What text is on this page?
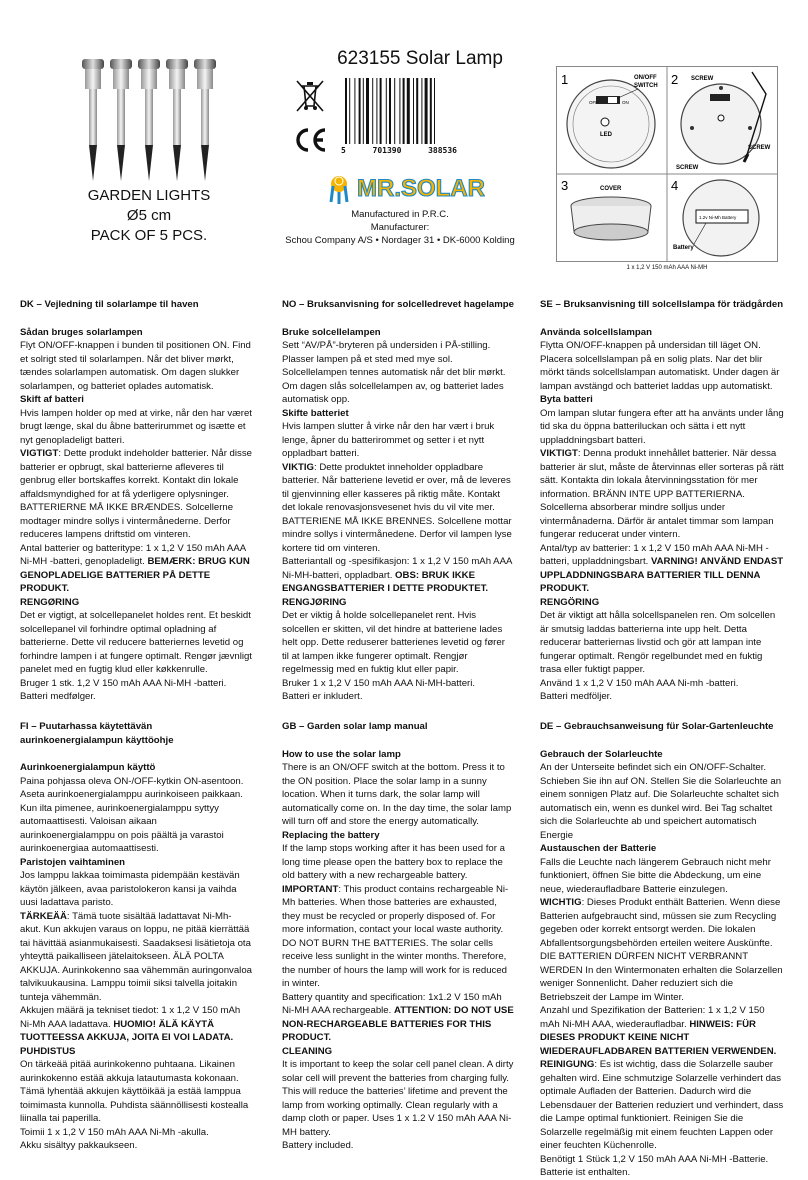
GARDEN LIGHTS
Ø5 cm
PACK OF 5 PCS.
623155 Solar Lamp
5	701390	388536
MR.SOLAR
Manufactured in P.R.C.
Manufacturer:
Schou Company A/S • Nordager 31 • DK-6000 Kolding
1
OFF	ON
LED
ON/OFF
SWITCH 2 SCREW
SCREW
SCREW
3	COVER	4
1.2v Ni-Mh Battery
Battery
1 x 1,2 V 150 mAh AAA Ni-MH
DK – Vejledning til solarlampe til haven
Sådan bruges solarlampen

Flyt ON/OFF-knappen i bunden til positionen ON. Find et solrigt sted til solarlampen. Når det bliver mørkt, tændes solarlampen automatisk. Om dagen slukker solarlampen, og batteriet oplades automatisk.

Skift af batteri

Hvis lampen holder op med at virke, når den har været brugt længe, skal du åbne batterirummet og isætte et nyt genopladeligt batteri.

VIGTIGT: Dette produkt indeholder batterier. Når disse batterier er opbrugt, skal batterierne afleveres til genbrug eller bortskaffes korrekt. Kontakt din lokale affaldsmyndighed for at få yderligere oplysninger. BATTERIERNE MÅ IKKE BRÆNDES. Solcellerne modtager mindre sollys i vintermånederne. Derfor reduceres lampens driftstid om vinteren.

Antal batterier og batteritype: 1 x 1,2 V 150 mAh AAA Ni-MH -batteri, genopladeligt. BEMÆRK: BRUG KUN GENOPLADELIGE BATTERIER PÅ DETTE PRODUKT.

RENGØRING

Det er vigtigt, at solcellepanelet holdes rent. Et beskidt solcellepanel vil forhindre optimal opladning af batterierne. Dette vil reducere batteriernes levetid og forhindre lampen i at fungere optimalt. Rengør jævnligt panelet med en fugtig klud eller køkkenrulle.

Bruger 1 stk. 1,2 V 150 mAh AAA Ni-MH -batteri.

Batteri medfølger.

NO – Bruksanvisning for solcelledrevet hagelampe
Bruke solcellelampen

Sett “AV/PÅ”-bryteren på undersiden i PÅ-stilling. Plasser lampen på et sted med mye sol. Solcellelampen tennes automatisk når det blir mørkt. Om dagen slås solcellelampen av, og batteriet lades automatisk opp.

Skifte batteriet

Hvis lampen slutter å virke når den har vært i bruk lenge, åpner du batterirommet og setter i et nytt oppladbart batteri.

VIKTIG: Dette produktet inneholder oppladbare batterier. Når batteriene levetid er over, må de leveres til gjenvinning eller kasseres på riktig måte. Kontakt det lokale renovasjonsvesenet hvis du vil vite mer. BATTERIENE MÅ IKKE BRENNES. Solcellene mottar mindre sollys i vintermånedene. Derfor vil lampen lyse kortere tid om vinteren.

Batteriantall og -spesifikasjon: 1 x 1,2 V 150 mAh AAA Ni-MH-batteri, oppladbart. OBS: BRUK IKKE ENGANGSBATTERIER I DETTE PRODUKTET.

RENGJØRING

Det er viktig å holde solcellepanelet rent. Hvis solcellen er skitten, vil det hindre at batteriene lades helt opp. Dette reduserer batterienes levetid og fører til at lampen ikke fungerer optimalt. Rengjør regelmessig med en fuktig klut eller papir.

Bruker 1 x 1,2 V 150 mAh AAA Ni-MH-batteri.

Batteri er inkludert.

SE – Bruksanvisning till solcellslampa för trädgården
Använda solcellslampan

Flytta ON/OFF-knappen på undersidan till läget ON. Placera solcellslampan på en solig plats. Nar det blir mörkt tänds solcellslampan automatiskt. Under dagen är lampan avstängd och batteriet laddas upp automatiskt.

Byta batteri

Om lampan slutar fungera efter att ha använts under lång tid ska du öppna batteriluckan och sätta i ett nytt uppladdningsbart batteri.

VIKTIGT: Denna produkt innehållet batterier. När dessa batterier är slut, måste de återvinnas eller sorteras på rätt sätt. Kontakta din lokala återvinningsstation för mer information. BRÄNN INTE UPP BATTERIERNA. Solcellerna absorberar mindre solljus under vintermånaderna. Därför är antalet timmar som lampan fungerar reducerat under vintern.

Antal/typ av batterier: 1 x 1,2 V 150 mAh AAA Ni-MH -batteri, uppladdningsbart. VARNING! ANVÄND ENDAST UPPLADDNINGSBARA BATTERIER TILL DENNA PRODUKT.

RENGÖRING

Det är viktigt att hålla solcellspanelen ren. Om solcellen är smutsig laddas batterierna inte upp helt. Detta reducerar batteriernas livstid och gör att lampan inte fungerar optimalt. Rengör regelbundet med en fuktig trasa eller fuktigt papper.

Använd 1 x 1,2 V 150 mAh AAA Ni-mh -batteri.

Batteri medföljer.

FI – Puutarhassa käytettävän aurinkoenergialampun käyttöohje
Aurinkoenergialampun käyttö

Paina pohjassa oleva ON-/OFF-kytkin ON-asentoon. Aseta aurinkoenergialamppu aurinkoiseen paikkaan. Kun ilta pimenee, aurinkoenergialamppu syttyy automaattisesti. Valoisan aikaan aurinkoenergialamppu on pois päältä ja varastoi aurinkoenergiaa automaattisesti.

Paristojen vaihtaminen

Jos lamppu lakkaa toimimasta pidempään kestävän käytön jälkeen, avaa paristolokeron kansi ja vaihda uusi ladattava paristo.

TÄRKEÄÄ: Tämä tuote sisältää ladattavat Ni-Mh-akut. Kun akkujen varaus on loppu, ne pitää kierrättää tai hävittää asianmukaisesti. Saadaksesi lisätietoja ota yhteyttä paikalliseen jätelaitokseen. ÄLÄ POLTA AKKUJA. Aurinkokenno saa vähemmän auringonvaloa talvikuukausina. Lamppu toimii siksi talvella joitakin tunteja vähemmän.

Akkujen määrä ja tekniset tiedot: 1 x 1,2 V 150 mAh Ni-Mh AAA ladattava. HUOMIO! ÄLÄ KÄYTÄ TUOTTEESSA AKKUJA, JOITA EI VOI LADATA.

PUHDISTUS

On tärkeää pitää aurinkokenno puhtaana. Likainen aurinkokenno estää akkuja latautumasta kokonaan. Tämä lyhentää akkujen käyttöikää ja estää lamppua toimimasta kunnolla. Puhdista säännöllisesti kostealla liinalla tai paperilla.

Toimii 1 x 1,2 V 150 mAh AAA Ni-Mh -akulla.

Akku sisältyy pakkaukseen.

GB – Garden solar lamp manual
How to use the solar lamp

There is an ON/OFF switch at the bottom. Press it to the ON position. Place the solar lamp in a sunny location. When it turns dark, the solar lamp will automatically come on. In the day time, the solar lamp will turn off and store the energy automatically.

Replacing the battery

If the lamp stops working after it has been used for a long time please open the battery box to replace the old battery with a new rechargeable battery.

IMPORTANT: This product contains rechargeable Ni-Mh batteries. When those batteries are exhausted, they must be recycled or properly disposed of. For more information, contact your local waste authority. DO NOT BURN THE BATTERIES. The solar cells receive less sunlight in the winter months. Therefore, the number of hours the lamp will work for is reduced in winter.

Battery quantity and specification: 1x1.2 V 150 mAh Ni-MH AAA rechargeable. ATTENTION: DO NOT USE NON-RECHARGEABLE BATTERIES FOR THIS PRODUCT.

CLEANING

It is important to keep the solar cell panel clean. A dirty solar cell will prevent the batteries from charging fully. This will reduce the batteries’ lifetime and prevent the lamp from working optimally. Clean regularly with a damp cloth or paper. Uses 1 x 1.2 V 150 mAh AAA Ni-MH battery.

Battery included.

DE – Gebrauchsanweisung für Solar-Gartenleuchte
Gebrauch der Solarleuchte

An der Unterseite befindet sich ein ON/OFF-Schalter. Schieben Sie ihn auf ON. Stellen Sie die Solarleuchte an einem sonnigen Platz auf. Die Solarleuchte schaltet sich automatisch ein, wenn es dunkel wird. Bei Tag schaltet sich die Solarleuchte ab und speichert automatisch Energie

Austauschen der Batterie

Falls die Leuchte nach längerem Gebrauch nicht mehr funktioniert, öffnen Sie bitte die Abdeckung, um eine neue, wiederaufladbare Batterie einzulegen.

WICHTIG: Dieses Produkt enthält Batterien. Wenn diese Batterien aufgebraucht sind, müssen sie zum Recycling gegeben oder korrekt entsorgt werden. Die lokalen Abfallentsorgungsbehörden erteilen weitere Auskünfte. DIE BATTERIEN DÜRFEN NICHT VERBRANNT WERDEN In den Wintermonaten erhalten die Solarzellen weniger Sonnenlicht. Daher reduziert sich die Betriebszeit der Lampe im Winter.

Anzahl und Spezifikation der Batterien: 1 x 1,2 V 150 mAh Ni-MH AAA, wiederaufladbar. HINWEIS: FÜR DIESES PRODUKT KEINE NICHT WIEDERAUFLADBAREN BATTERIEN VERWENDEN.

REINIGUNG: Es ist wichtig, dass die Solarzelle sauber gehalten wird. Eine schmutzige Solarzelle verhindert das optimale Aufladen der Batterien. Dadurch wird die Lebensdauer der Batterien reduziert und verhindert, dass die Lampe optimal funktioniert. Reinigen Sie die Solarzelle regelmäßig mit einem feuchten Lappen oder einer feuchten Küchenrolle.

Benötigt 1 Stück 1,2 V 150 mAh AAA Ni-MH -Batterie.

Batterie ist enthalten.
